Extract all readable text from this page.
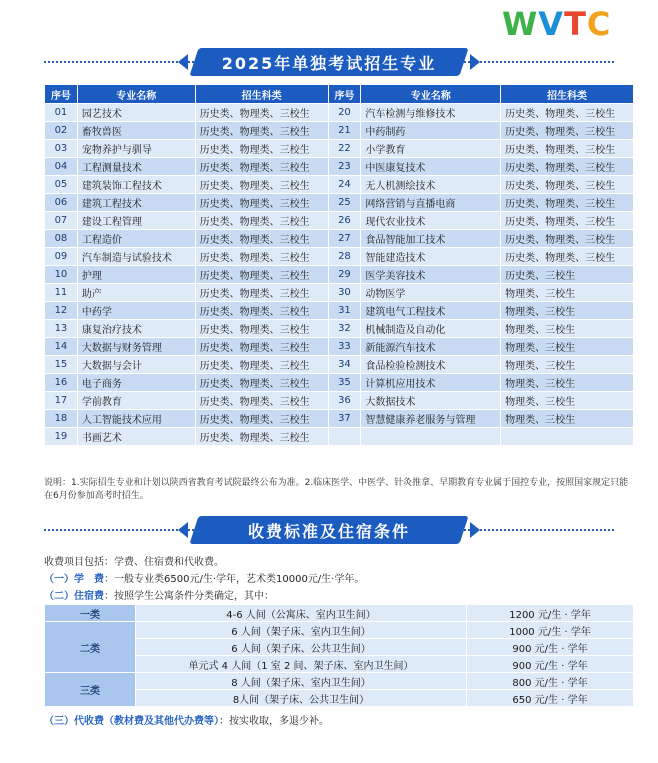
WVTC
2025年单独考试招生专业
序号	专业名称	招生科类	序号	专业名称	招生科类
01	园艺技术	历史类、物理类、三校生	20	汽车检测与维修技术	历史类、物理类、三校生
02	畜牧兽医	历史类、物理类、三校生	21	中药制药	历史类、物理类、三校生
03	宠物养护与驯导	历史类、物理类、三校生	22	小学教育	历史类、物理类、三校生
04	工程测量技术	历史类、物理类、三校生	23	中医康复技术	历史类、物理类、三校生
05	建筑装饰工程技术	历史类、物理类、三校生	24	无人机测绘技术	历史类、物理类、三校生
06	建筑工程技术	历史类、物理类、三校生	25	网络营销与直播电商	历史类、物理类、三校生
07	建设工程管理	历史类、物理类、三校生	26	现代农业技术	历史类、物理类、三校生
08	工程造价	历史类、物理类、三校生	27	食品智能加工技术	历史类、物理类、三校生
09	汽车制造与试验技术	历史类、物理类、三校生	28	智能建造技术	历史类、物理类、三校生
10	护理	历史类、物理类、三校生	29	医学美容技术	历史类、三校生
11	助产	历史类、物理类、三校生	30	动物医学	物理类、三校生
12	中药学	历史类、物理类、三校生	31	建筑电气工程技术	物理类、三校生
13	康复治疗技术	历史类、物理类、三校生	32	机械制造及自动化	物理类、三校生
14	大数据与财务管理	历史类、物理类、三校生	33	新能源汽车技术	物理类、三校生
15	大数据与会计	历史类、物理类、三校生	34	食品检验检测技术	物理类、三校生
16	电子商务	历史类、物理类、三校生	35	计算机应用技术	物理类、三校生
17	学前教育	历史类、物理类、三校生	36	大数据技术	物理类、三校生
18	人工智能技术应用	历史类、物理类、三校生	37	智慧健康养老服务与管理	物理类、三校生
19	书画艺术	历史类、物理类、三校生			
说明：1.实际招生专业和计划以陕西省教育考试院最终公布为准。2.临床医学、中医学、针灸推拿、早期教育专业属于国控专业，按照国家规定只能在6月份参加高考时招生。
收费标准及住宿条件
收费项目包括：学费、住宿费和代收费。
（一）学　费：一般专业类6500元/生·学年，艺术类10000元/生·学年。
（二）住宿费：按照学生公寓条件分类确定，其中：
一类	4-6 人间（公寓床、室内卫生间）	1200 元/生 · 学年
二类	6 人间（架子床、室内卫生间）	1000 元/生 · 学年
	6 人间（架子床、公共卫生间）	900 元/生 · 学年
	单元式 4 人间（1 室 2 间、架子床、室内卫生间）	900 元/生 · 学年
三类	8 人间（架子床、室内卫生间）	800 元/生 · 学年
	8人间（架子床、公共卫生间）	650 元/生 · 学年
（三）代收费（教材费及其他代办费等）：按实收取，多退少补。
